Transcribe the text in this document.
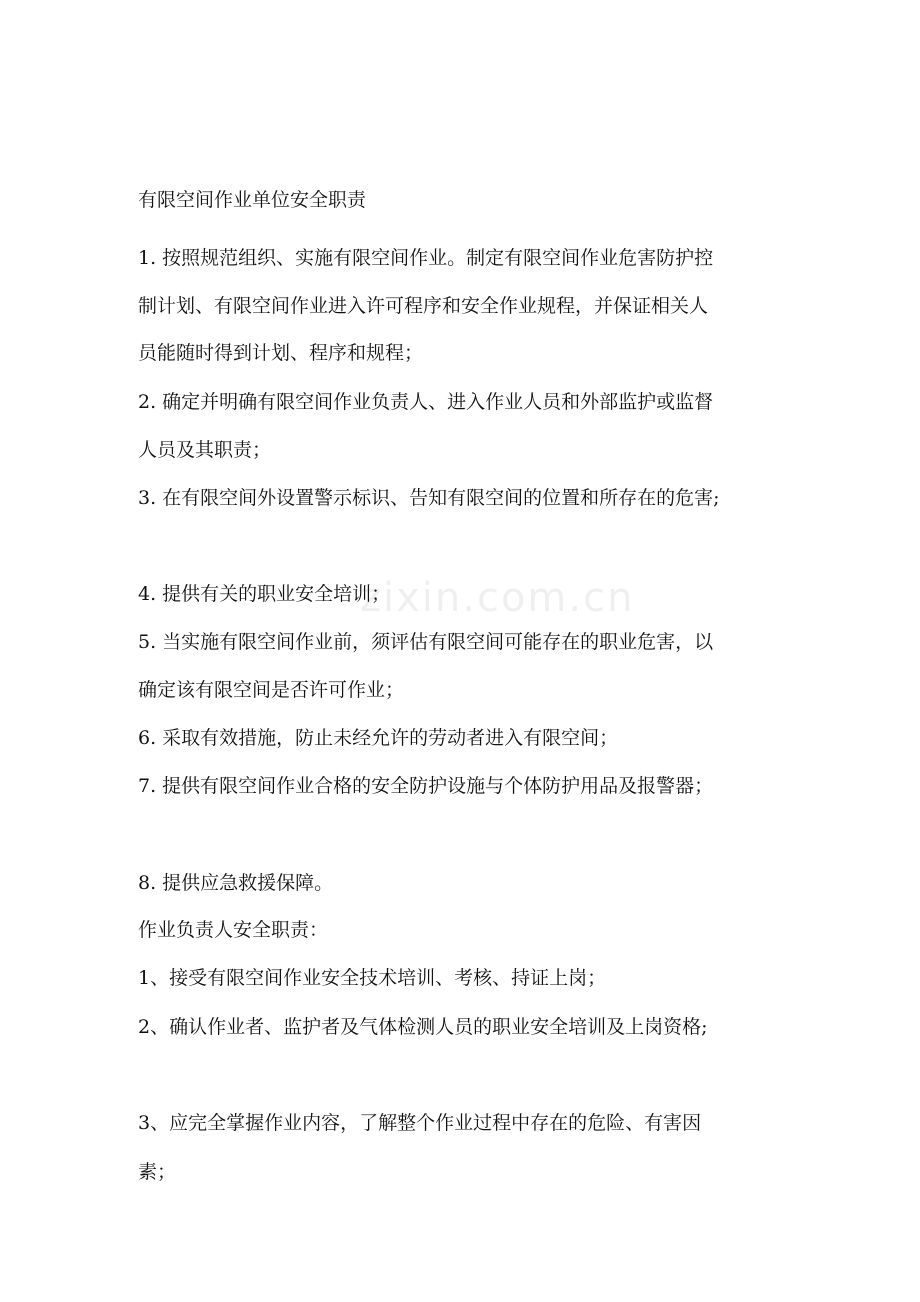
zixin.com.cn
有限空间作业单位安全职责
1. 按照规范组织、实施有限空间作业。制定有限空间作业危害防护控
制计划、有限空间作业进入许可程序和安全作业规程，并保证相关人
员能随时得到计划、程序和规程；
2. 确定并明确有限空间作业负责人、进入作业人员和外部监护或监督
人员及其职责；
3. 在有限空间外设置警示标识、告知有限空间的位置和所存在的危害;
4. 提供有关的职业安全培训；
5. 当实施有限空间作业前，须评估有限空间可能存在的职业危害，以
确定该有限空间是否许可作业；
6. 采取有效措施，防止未经允许的劳动者进入有限空间；
7. 提供有限空间作业合格的安全防护设施与个体防护用品及报警器；
8. 提供应急救援保障。
作业负责人安全职责：
1、接受有限空间作业安全技术培训、考核、持证上岗；
2、确认作业者、监护者及气体检测人员的职业安全培训及上岗资格;
3、应完全掌握作业内容，了解整个作业过程中存在的危险、有害因
素；
